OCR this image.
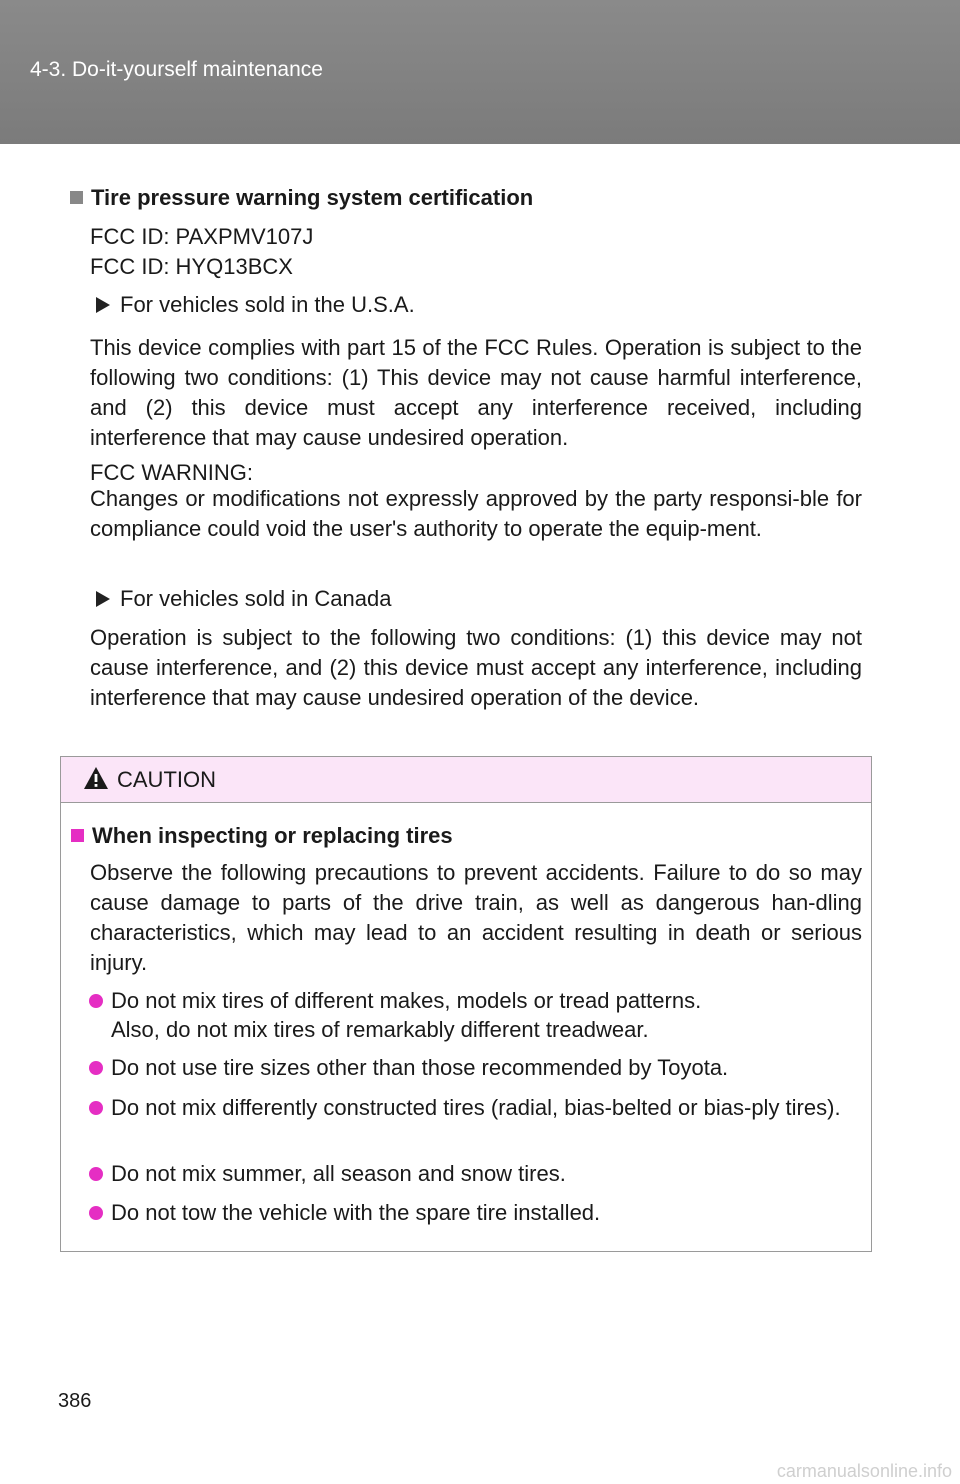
4-3. Do-it-yourself maintenance
Tire pressure warning system certification
FCC ID: PAXPMV107J
FCC ID: HYQ13BCX
For vehicles sold in the U.S.A.
This device complies with part 15 of the FCC Rules. Operation is subject to the following two conditions: (1) This device may not cause harmful interference, and (2) this device must accept any interference received, including interference that may cause undesired operation.
FCC WARNING:
Changes or modifications not expressly approved by the party responsi-ble for compliance could void the user's authority to operate the equip-ment.
For vehicles sold in Canada
Operation is subject to the following two conditions: (1) this device may not cause interference, and (2) this device must accept any interference, including interference that may cause undesired operation of the device.
CAUTION
When inspecting or replacing tires
Observe the following precautions to prevent accidents. Failure to do so may cause damage to parts of the drive train, as well as dangerous han-dling characteristics, which may lead to an accident resulting in death or serious injury.
Do not mix tires of different makes, models or tread patterns.
Also, do not mix tires of remarkably different treadwear.
Do not use tire sizes other than those recommended by Toyota.
Do not mix differently constructed tires (radial, bias-belted or bias-ply tires).
Do not mix summer, all season and snow tires.
Do not tow the vehicle with the spare tire installed.
386
carmanualsonline.info
